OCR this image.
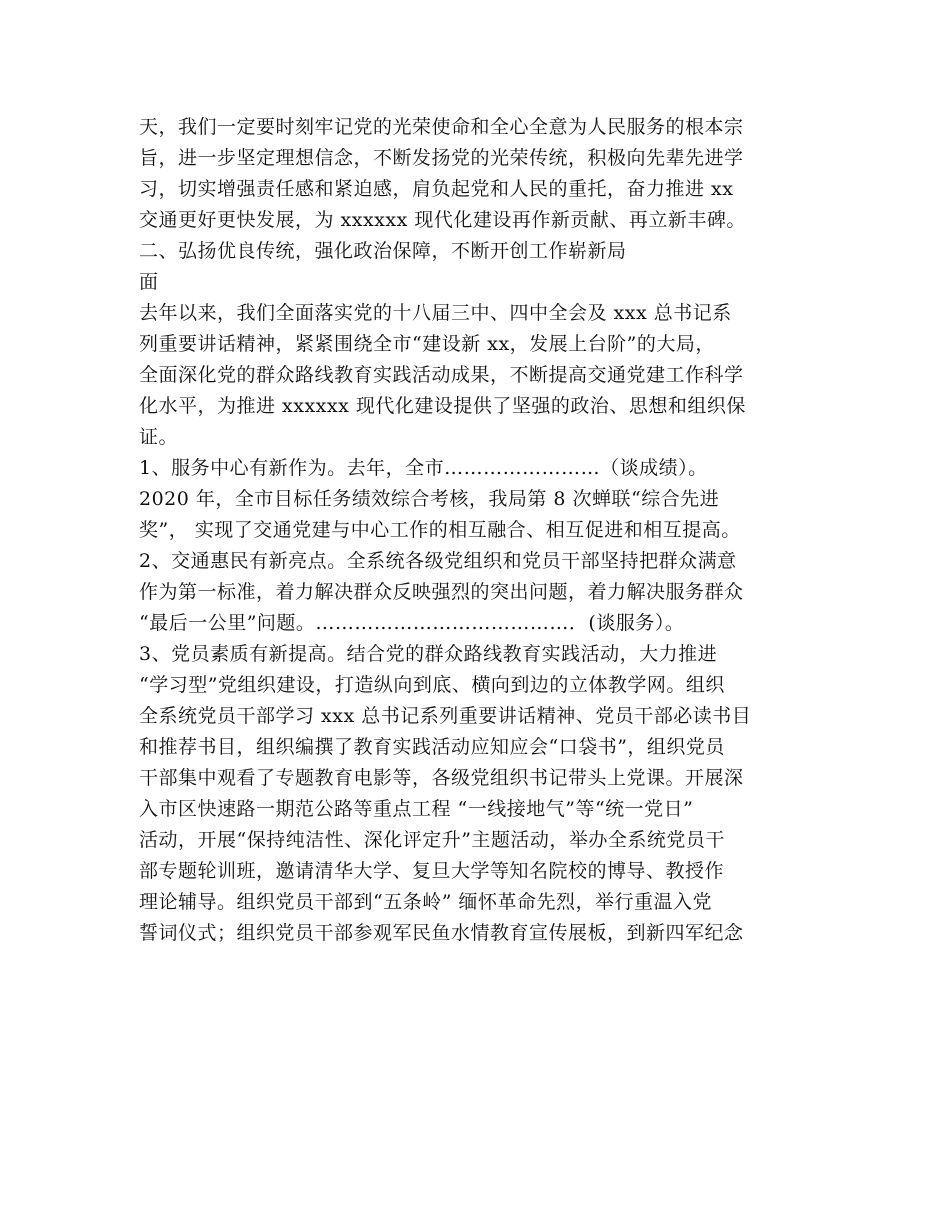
天，我们一定要时刻牢记党的光荣使命和全心全意为人民服务的根本宗
旨，进一步坚定理想信念，不断发扬党的光荣传统，积极向先辈先进学
习，切实增强责任感和紧迫感，肩负起党和人民的重托，奋力推进 xx
交通更好更快发展，为 xxxxxx 现代化建设再作新贡献、再立新丰碑。
二、弘扬优良传统，强化政治保障，不断开创工作崭新局
面
去年以来，我们全面落实党的十八届三中、四中全会及 xxx 总书记系
列重要讲话精神，紧紧围绕全市“建设新 xx，发展上台阶”的大局，
全面深化党的群众路线教育实践活动成果，不断提高交通党建工作科学
化水平，为推进 xxxxxx 现代化建设提供了坚强的政治、思想和组织保
证。
1、服务中心有新作为。去年，全市……………………（谈成绩）。
2020 年，全市目标任务绩效综合考核，我局第 8 次蝉联“综合先进
奖”， 实现了交通党建与中心工作的相互融合、相互促进和相互提高。
2、交通惠民有新亮点。全系统各级党组织和党员干部坚持把群众满意
作为第一标准，着力解决群众反映强烈的突出问题，着力解决服务群众
“最后一公里”问题。…………………………………．(谈服务）。
3、党员素质有新提高。结合党的群众路线教育实践活动，大力推进
“学习型”党组织建设，打造纵向到底、横向到边的立体教学网。组织
全系统党员干部学习 xxx 总书记系列重要讲话精神、党员干部必读书目
和推荐书目，组织编撰了教育实践活动应知应会“口袋书”，组织党员
干部集中观看了专题教育电影等，各级党组织书记带头上党课。开展深
入市区快速路一期范公路等重点工程 “一线接地气”等“统一党日”
活动，开展“保持纯洁性、深化评定升”主题活动，举办全系统党员干
部专题轮训班，邀请清华大学、复旦大学等知名院校的博导、教授作
理论辅导。组织党员干部到“五条岭” 缅怀革命先烈，举行重温入党
誓词仪式；组织党员干部参观军民鱼水情教育宣传展板，到新四军纪念
